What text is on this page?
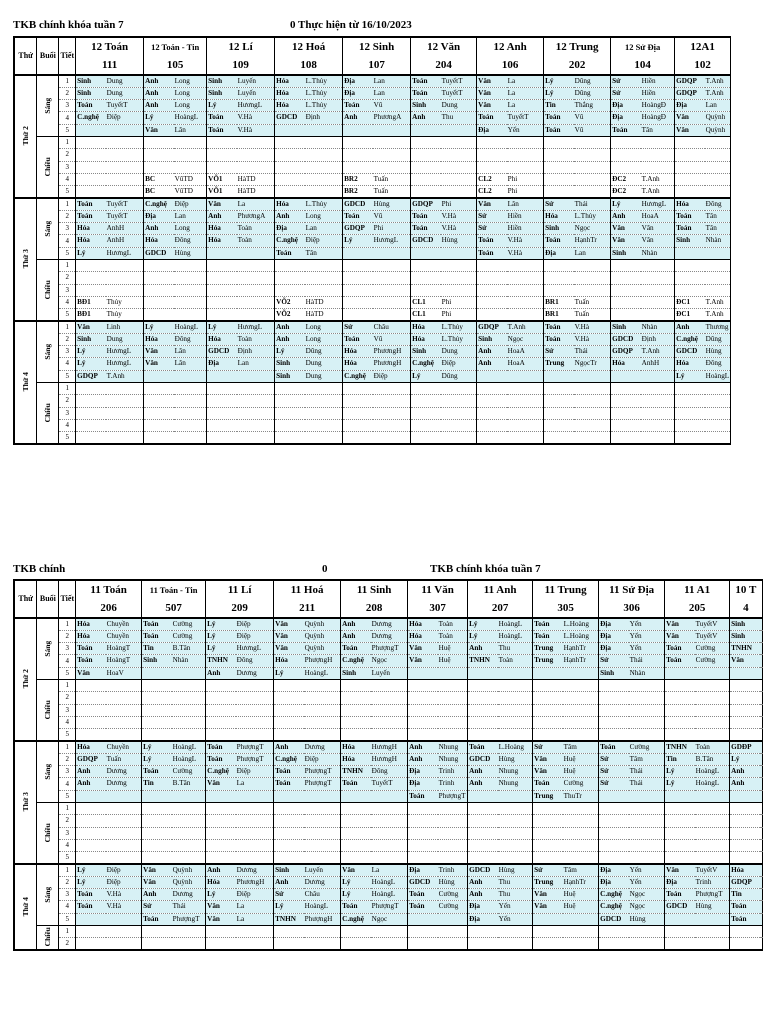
TKB chính khóa tuần 7	0 Thực hiện từ 16/10/2023
Thứ	Buổi	Tiết	12 Toán		12 Toán - Tin		12 Lí		12 Hoá		12 Sinh		12 Văn		12 Anh		12 Trung		12 Sử Địa		12A1	
			111		105		109		108		107		204		106		202		104		102	
Thứ 2	Sáng	1	Sinh	Dung	Anh	Long	Sinh	Luyến	Hóa	L.Thủy	Địa	Lan	Toán	TuyếtT	Văn	La	Lý	Dũng	Sử	Hiền	GDQP	T.Anh
		2	Sinh	Dung	Anh	Long	Sinh	Luyến	Hóa	L.Thủy	Địa	Lan	Toán	TuyếtT	Văn	La	Lý	Dũng	Sử	Hiền	GDQP	T.Anh
		3	Toán	TuyếtT	Anh	Long	Lý	HươngL	Hóa	L.Thủy	Toán	Vũ	Sinh	Dung	Văn	La	Tin	Thắng	Địa	HoàngĐ	Địa	Lan
		4	C.nghệ	Điệp	Lý	HoàngL	Toán	V.Hà	GDCD	Định	Anh	PhươngA	Anh	Thu	Toán	TuyếtT	Toán	Vũ	Địa	HoàngĐ	Văn	Quỳnh
		5			Văn	Lân	Toán	V.Hà							Địa	Yến	Toán	Vũ	Toán	Tân	Văn	Quỳnh
	Chiều	1																				
		2																				
		3																				
		4			BC	VũTD	VÕ1	HàTD			BR2	Tuấn			CL2	Phi			ĐC2	T.Anh		
		5			BC	VũTD	VÕ1	HàTD			BR2	Tuấn			CL2	Phi			ĐC2	T.Anh		
Thứ 3	Sáng	1	Toán	TuyếtT	C.nghệ	Điệp	Văn	La	Hóa	L.Thủy	GDCD	Hùng	GDQP	Phi	Văn	Lân	Sử	Thái	Lý	HươngL	Hóa	Đông
		2	Toán	TuyếtT	Địa	Lan	Anh	PhươngA	Anh	Long	Toán	Vũ	Toán	V.Hà	Sử	Hiền	Hóa	L.Thủy	Anh	HoaA	Toán	Tân
		3	Hóa	AnhH	Anh	Long	Hóa	Toàn	Địa	Lan	GDQP	Phi	Toán	V.Hà	Sử	Hiền	Sinh	Ngọc	Văn	Vân	Toán	Tân
		4	Hóa	AnhH	Hóa	Đông	Hóa	Toàn	C.nghệ	Điệp	Lý	HươngL	GDCD	Hùng	Toán	V.Hà	Toán	HạnhTr	Văn	Vân	Sinh	Nhàn
		5	Lý	HươngL	GDCD	Hùng			Toán	Tân					Toán	V.Hà	Địa	Lan	Sinh	Nhàn		
	Chiều	1																				
		2																				
		3																				
		4	BĐ1	Thủy					VÕ2	HàTD			CL1	Phi			BR1	Tuấn			ĐC1	T.Anh
		5	BĐ1	Thủy					VÕ2	HàTD			CL1	Phi			BR1	Tuấn			ĐC1	T.Anh
Thứ 4	Sáng	1	Văn	Linh	Lý	HoàngL	Lý	HươngL	Anh	Long	Sử	Châu	Hóa	L.Thủy	GDQP	T.Anh	Toán	V.Hà	Sinh	Nhàn	Anh	Thương
		2	Sinh	Dung	Hóa	Đông	Hóa	Toàn	Anh	Long	Toán	Vũ	Hóa	L.Thủy	Sinh	Ngọc	Toán	V.Hà	GDCD	Định	C.nghệ	Dũng
		3	Lý	HươngL	Văn	Lân	GDCD	Định	Lý	Dũng	Hóa	PhươngH	Sinh	Dung	Anh	HoaA	Sử	Thái	GDQP	T.Anh	GDCD	Hùng
		4	Lý	HươngL	Văn	Lân	Địa	Lan	Sinh	Dung	Hóa	PhươngH	C.nghệ	Điệp	Anh	HoaA	Trung	NgọcTr	Hóa	AnhH	Hóa	Đông
		5	GDQP	T.Anh					Sinh	Dung	C.nghệ	Điệp	Lý	Dũng							Lý	HoàngL
	Chiều	1																				
		2																				
		3																				
		4																				
		5																				
TKB chính	0	TKB chính khóa tuần 7
Thứ	Buổi	Tiết	11 Toán		11 Toán - Tin		11 Lí		11 Hoá		11 Sinh		11 Văn		11 Anh		11 Trung		11 Sử Địa		11 A1		10 T	
			206		507		209		211		208		307		207		305		306		205		4	
Thứ 2	Sáng	1	Hóa	Chuyền	Toán	Cường	Lý	Điệp	Văn	Quỳnh	Anh	Dương	Hóa	Toàn	Lý	HoàngL	Toán	L.Hoàng	Địa	Yến	Văn	TuyếtV	Sinh	
		2	Hóa	Chuyền	Toán	Cường	Lý	Điệp	Văn	Quỳnh	Anh	Dương	Hóa	Toàn	Lý	HoàngL	Toán	L.Hoàng	Địa	Yến	Văn	TuyếtV	Sinh	
		3	Toán	HoàngT	Tin	B.Tân	Lý	HươngL	Văn	Quỳnh	Toán	PhượngT	Văn	Huệ	Anh	Thu	Trung	HạnhTr	Địa	Yến	Toán	Cường	TNHN	
		4	Toán	HoàngT	Sinh	Nhàn	TNHN	Đông	Hóa	PhượngH	C.nghệ	Ngọc	Văn	Huệ	TNHN	Toàn	Trung	HạnhTr	Sử	Thái	Toán	Cường	Văn	
		5	Văn	HoaV			Anh	Dương	Lý	HoàngL	Sinh	Luyến							Sinh	Nhàn				
	Chiều	1																						
		2																						
		3																						
		4																						
		5																						
Thứ 3	Sáng	1	Hóa	Chuyền	Lý	HoàngL	Toán	PhượngT	Anh	Dương	Hóa	HươngH	Anh	Nhung	Toán	L.Hoàng	Sử	Tâm	Toán	Cường	TNHN	Toàn	GDĐP	
		2	GDQP	Tuấn	Lý	HoàngL	Toán	PhượngT	C.nghệ	Điệp	Hóa	HươngH	Anh	Nhung	GDCD	Hùng	Văn	Huệ	Sử	Tâm	Tin	B.Tân	Lý	
		3	Anh	Dương	Toán	Cường	C.nghệ	Điệp	Toán	PhượngT	TNHN	Đông	Địa	Trinh	Anh	Nhung	Văn	Huệ	Sử	Thái	Lý	HoàngL	Anh	
		4	Anh	Dương	Tin	B.Tân	Văn	La	Toán	PhượngT	Toán	TuyếtT	Địa	Trinh	Anh	Nhung	Toán	Cường	Sử	Thái	Lý	HoàngL	Anh	
		5											Toán	PhượngT			Trung	ThuTr						
	Chiều	1																						
		2																						
		3																						
		4																						
		5																						
Thứ 4	Sáng	1	Lý	Điệp	Văn	Quỳnh	Anh	Dương	Sinh	Luyến	Văn	La	Địa	Trinh	GDCD	Hùng	Sử	Tâm	Địa	Yến	Văn	TuyếtV	Hóa	
		2	Lý	Điệp	Văn	Quỳnh	Hóa	PhươngH	Anh	Dương	Lý	HoàngL	GDCD	Hùng	Anh	Thu	Trung	HạnhTr	Địa	Yến	Địa	Trinh	GDQP	
		3	Toán	V.Hà	Anh	Dương	Lý	Điệp	Sử	Châu	Lý	HoàngL	Toán	Cường	Anh	Thu	Văn	Huệ	C.nghệ	Ngọc	Toán	PhượngT	Tin	
		4	Toán	V.Hà	Sử	Thái	Văn	La	Lý	HoàngL	Toán	PhượngT	Toán	Cường	Địa	Yến	Văn	Huệ	C.nghệ	Ngọc	GDCD	Hùng	Toán	
		5			Toán	PhượngT	Văn	La	TNHN	PhượngH	C.nghệ	Ngọc			Địa	Yến			GDCD	Hùng			Toán	
	Chiều	1																						
		2																						
